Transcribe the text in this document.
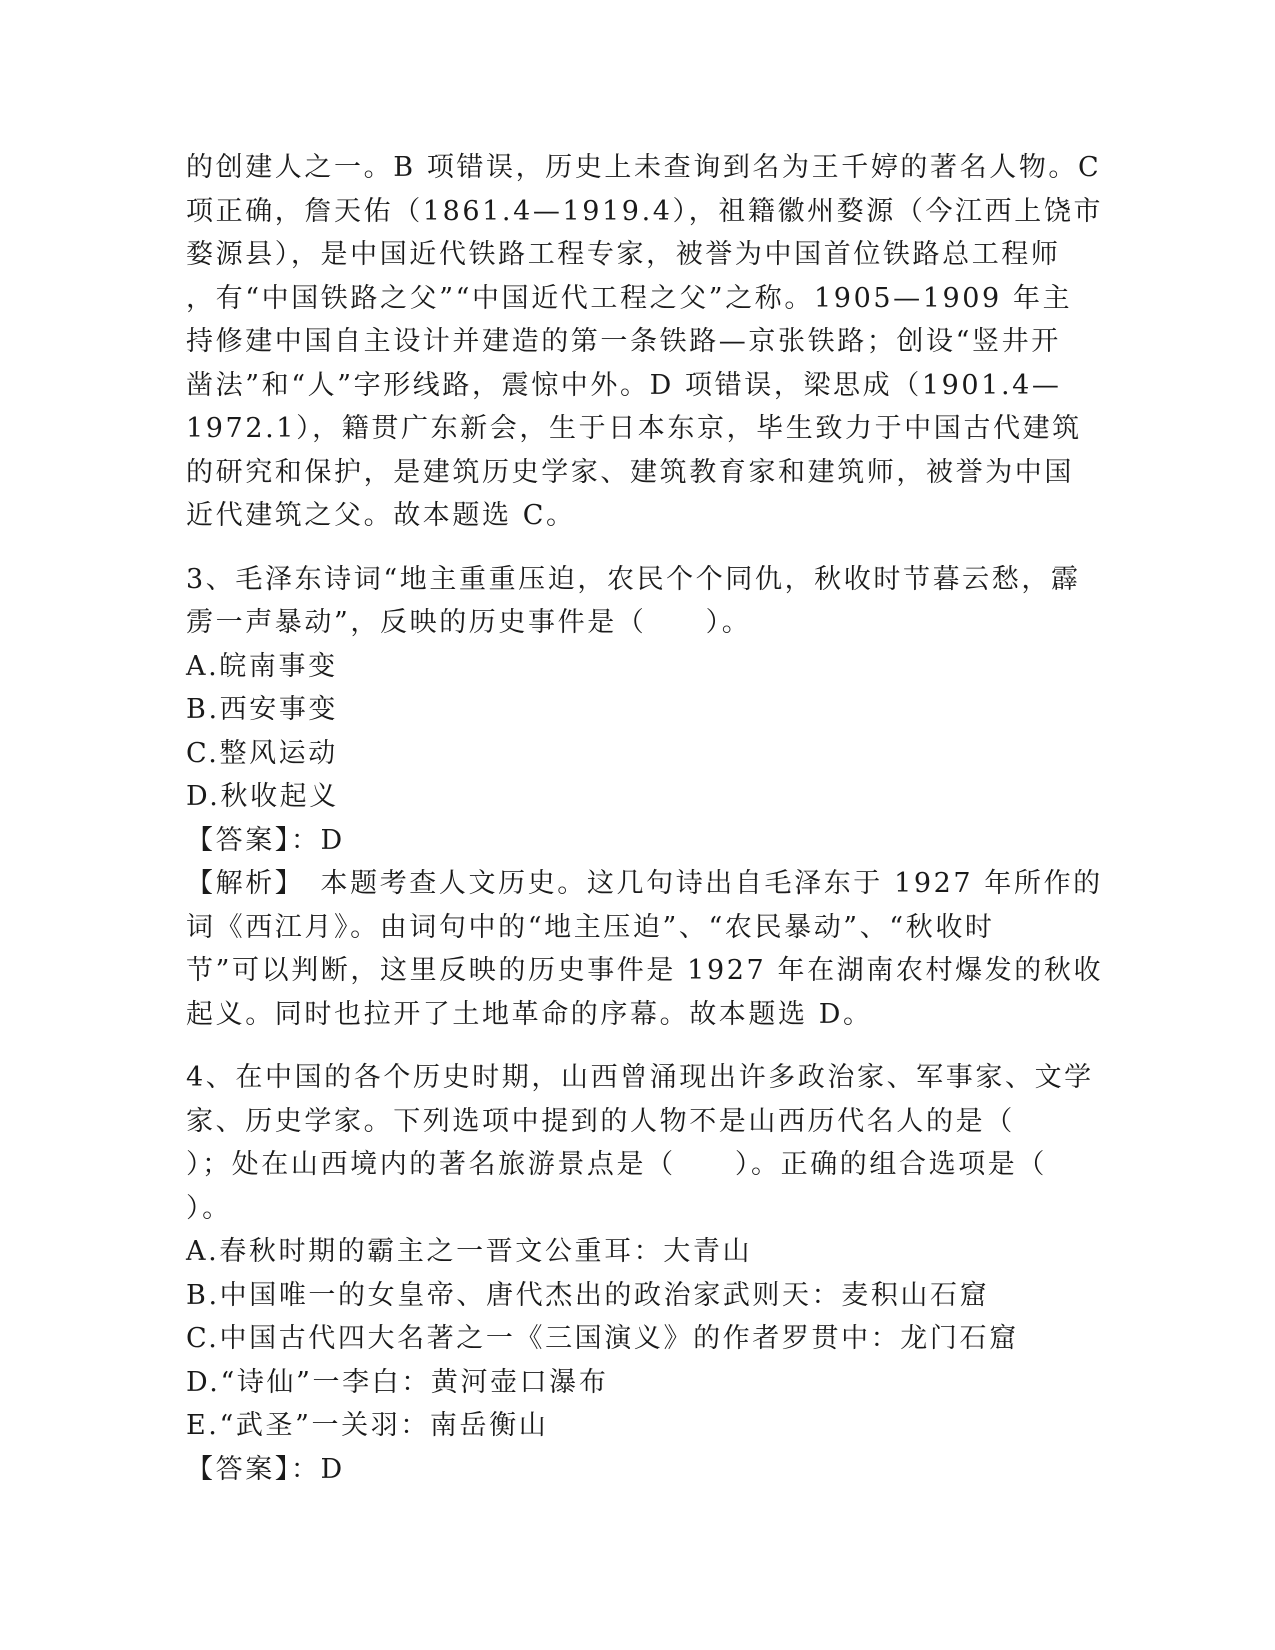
的创建人之一。B 项错误，历史上未查询到名为王千婷的著名人物。C
项正确，詹天佑（1861.4—1919.4），祖籍徽州婺源（今江西上饶市
婺源县），是中国近代铁路工程专家，被誉为中国首位铁路总工程师
，有“中国铁路之父”“中国近代工程之父”之称。1905—1909 年主
持修建中国自主设计并建造的第一条铁路—京张铁路；创设“竖井开
凿法”和“人”字形线路，震惊中外。D 项错误，梁思成（1901.4—
1972.1），籍贯广东新会，生于日本东京，毕生致力于中国古代建筑
的研究和保护，是建筑历史学家、建筑教育家和建筑师，被誉为中国
近代建筑之父。故本题选 C。
3、毛泽东诗词“地主重重压迫，农民个个同仇，秋收时节暮云愁，霹
雳一声暴动”，反映的历史事件是（　　）。
A.皖南事变
B.西安事变
C.整风运动
D.秋收起义
【答案】：D
【解析】　本题考查人文历史。这几句诗出自毛泽东于 1927 年所作的
词《西江月》。由词句中的“地主压迫”、“农民暴动”、“秋收时
节”可以判断，这里反映的历史事件是 1927 年在湖南农村爆发的秋收
起义。同时也拉开了土地革命的序幕。故本题选 D。
4、在中国的各个历史时期，山西曾涌现出许多政治家、军事家、文学
家、历史学家。下列选项中提到的人物不是山西历代名人的是（
）；处在山西境内的著名旅游景点是（　　）。正确的组合选项是（
）。
A.春秋时期的霸主之一晋文公重耳：大青山
B.中国唯一的女皇帝、唐代杰出的政治家武则天：麦积山石窟
C.中国古代四大名著之一《三国演义》的作者罗贯中：龙门石窟
D.“诗仙”一李白：黄河壶口瀑布
E.“武圣”一关羽：南岳衡山
【答案】：D
